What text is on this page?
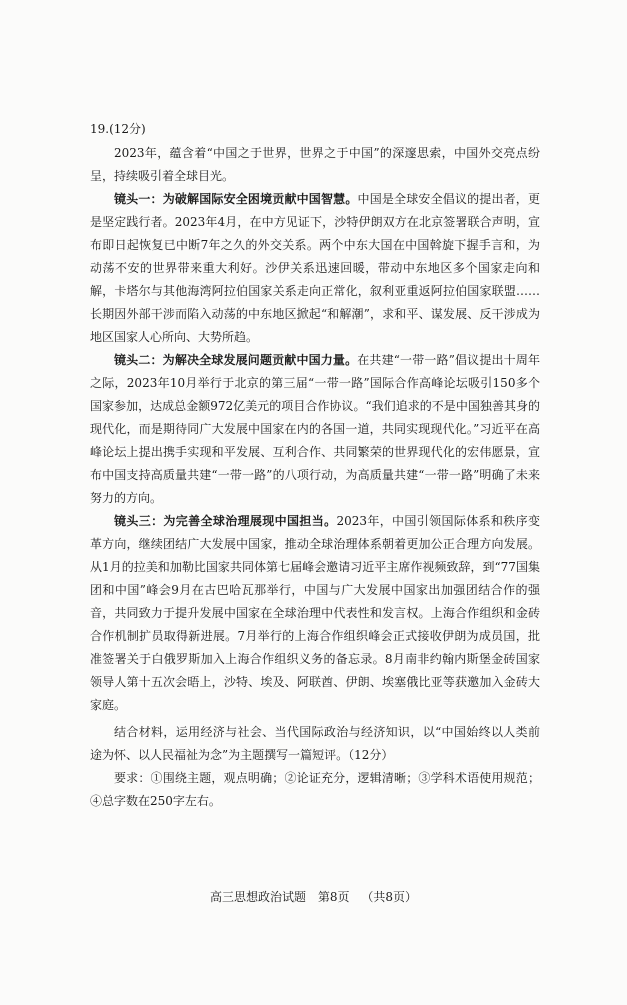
19.(12分)

2023年，蕴含着“中国之于世界，世界之于中国”的深邃思索，中国外交亮点纷呈，持续吸引着全球目光。

镜头一：为破解国际安全困境贡献中国智慧。中国是全球安全倡议的提出者，更是坚定践行者。2023年4月，在中方见证下，沙特伊朗双方在北京签署联合声明，宣布即日起恢复已中断7年之久的外交关系。两个中东大国在中国斡旋下握手言和，为动荡不安的世界带来重大利好。沙伊关系迅速回暖，带动中东地区多个国家走向和解，卡塔尔与其他海湾阿拉伯国家关系走向正常化，叙利亚重返阿拉伯国家联盟……长期因外部干涉而陷入动荡的中东地区掀起“和解潮”，求和平、谋发展、反干涉成为地区国家人心所向、大势所趋。

镜头二：为解决全球发展问题贡献中国力量。在共建“一带一路”倡议提出十周年之际，2023年10月举行于北京的第三届“一带一路”国际合作高峰论坛吸引150多个国家参加，达成总金额972亿美元的项目合作协议。“我们追求的不是中国独善其身的现代化，而是期待同广大发展中国家在内的各国一道，共同实现现代化。”习近平在高峰论坛上提出携手实现和平发展、互利合作、共同繁荣的世界现代化的宏伟愿景，宣布中国支持高质量共建“一带一路”的八项行动，为高质量共建“一带一路”明确了未来努力的方向。

镜头三：为完善全球治理展现中国担当。2023年，中国引领国际体系和秩序变革方向，继续团结广大发展中国家，推动全球治理体系朝着更加公正合理方向发展。从1月的拉美和加勒比国家共同体第七届峰会邀请习近平主席作视频致辞，到“77国集团和中国”峰会9月在古巴哈瓦那举行，中国与广大发展中国家出加强团结合作的强音，共同致力于提升发展中国家在全球治理中代表性和发言权。上海合作组织和金砖合作机制扩员取得新进展。7月举行的上海合作组织峰会正式接收伊朗为成员国，批准签署关于白俄罗斯加入上海合作组织义务的备忘录。8月南非约翰内斯堡金砖国家领导人第十五次会晤上，沙特、埃及、阿联酋、伊朗、埃塞俄比亚等获邀加入金砖大家庭。

结合材料，运用经济与社会、当代国际政治与经济知识，以“中国始终以人类前途为怀、以人民福祉为念”为主题撰写一篇短评。（12分）

要求：①围绕主题，观点明确；②论证充分，逻辑清晰；③学科术语使用规范；④总字数在250字左右。

高三思想政治试题 第8页 （共8页）
